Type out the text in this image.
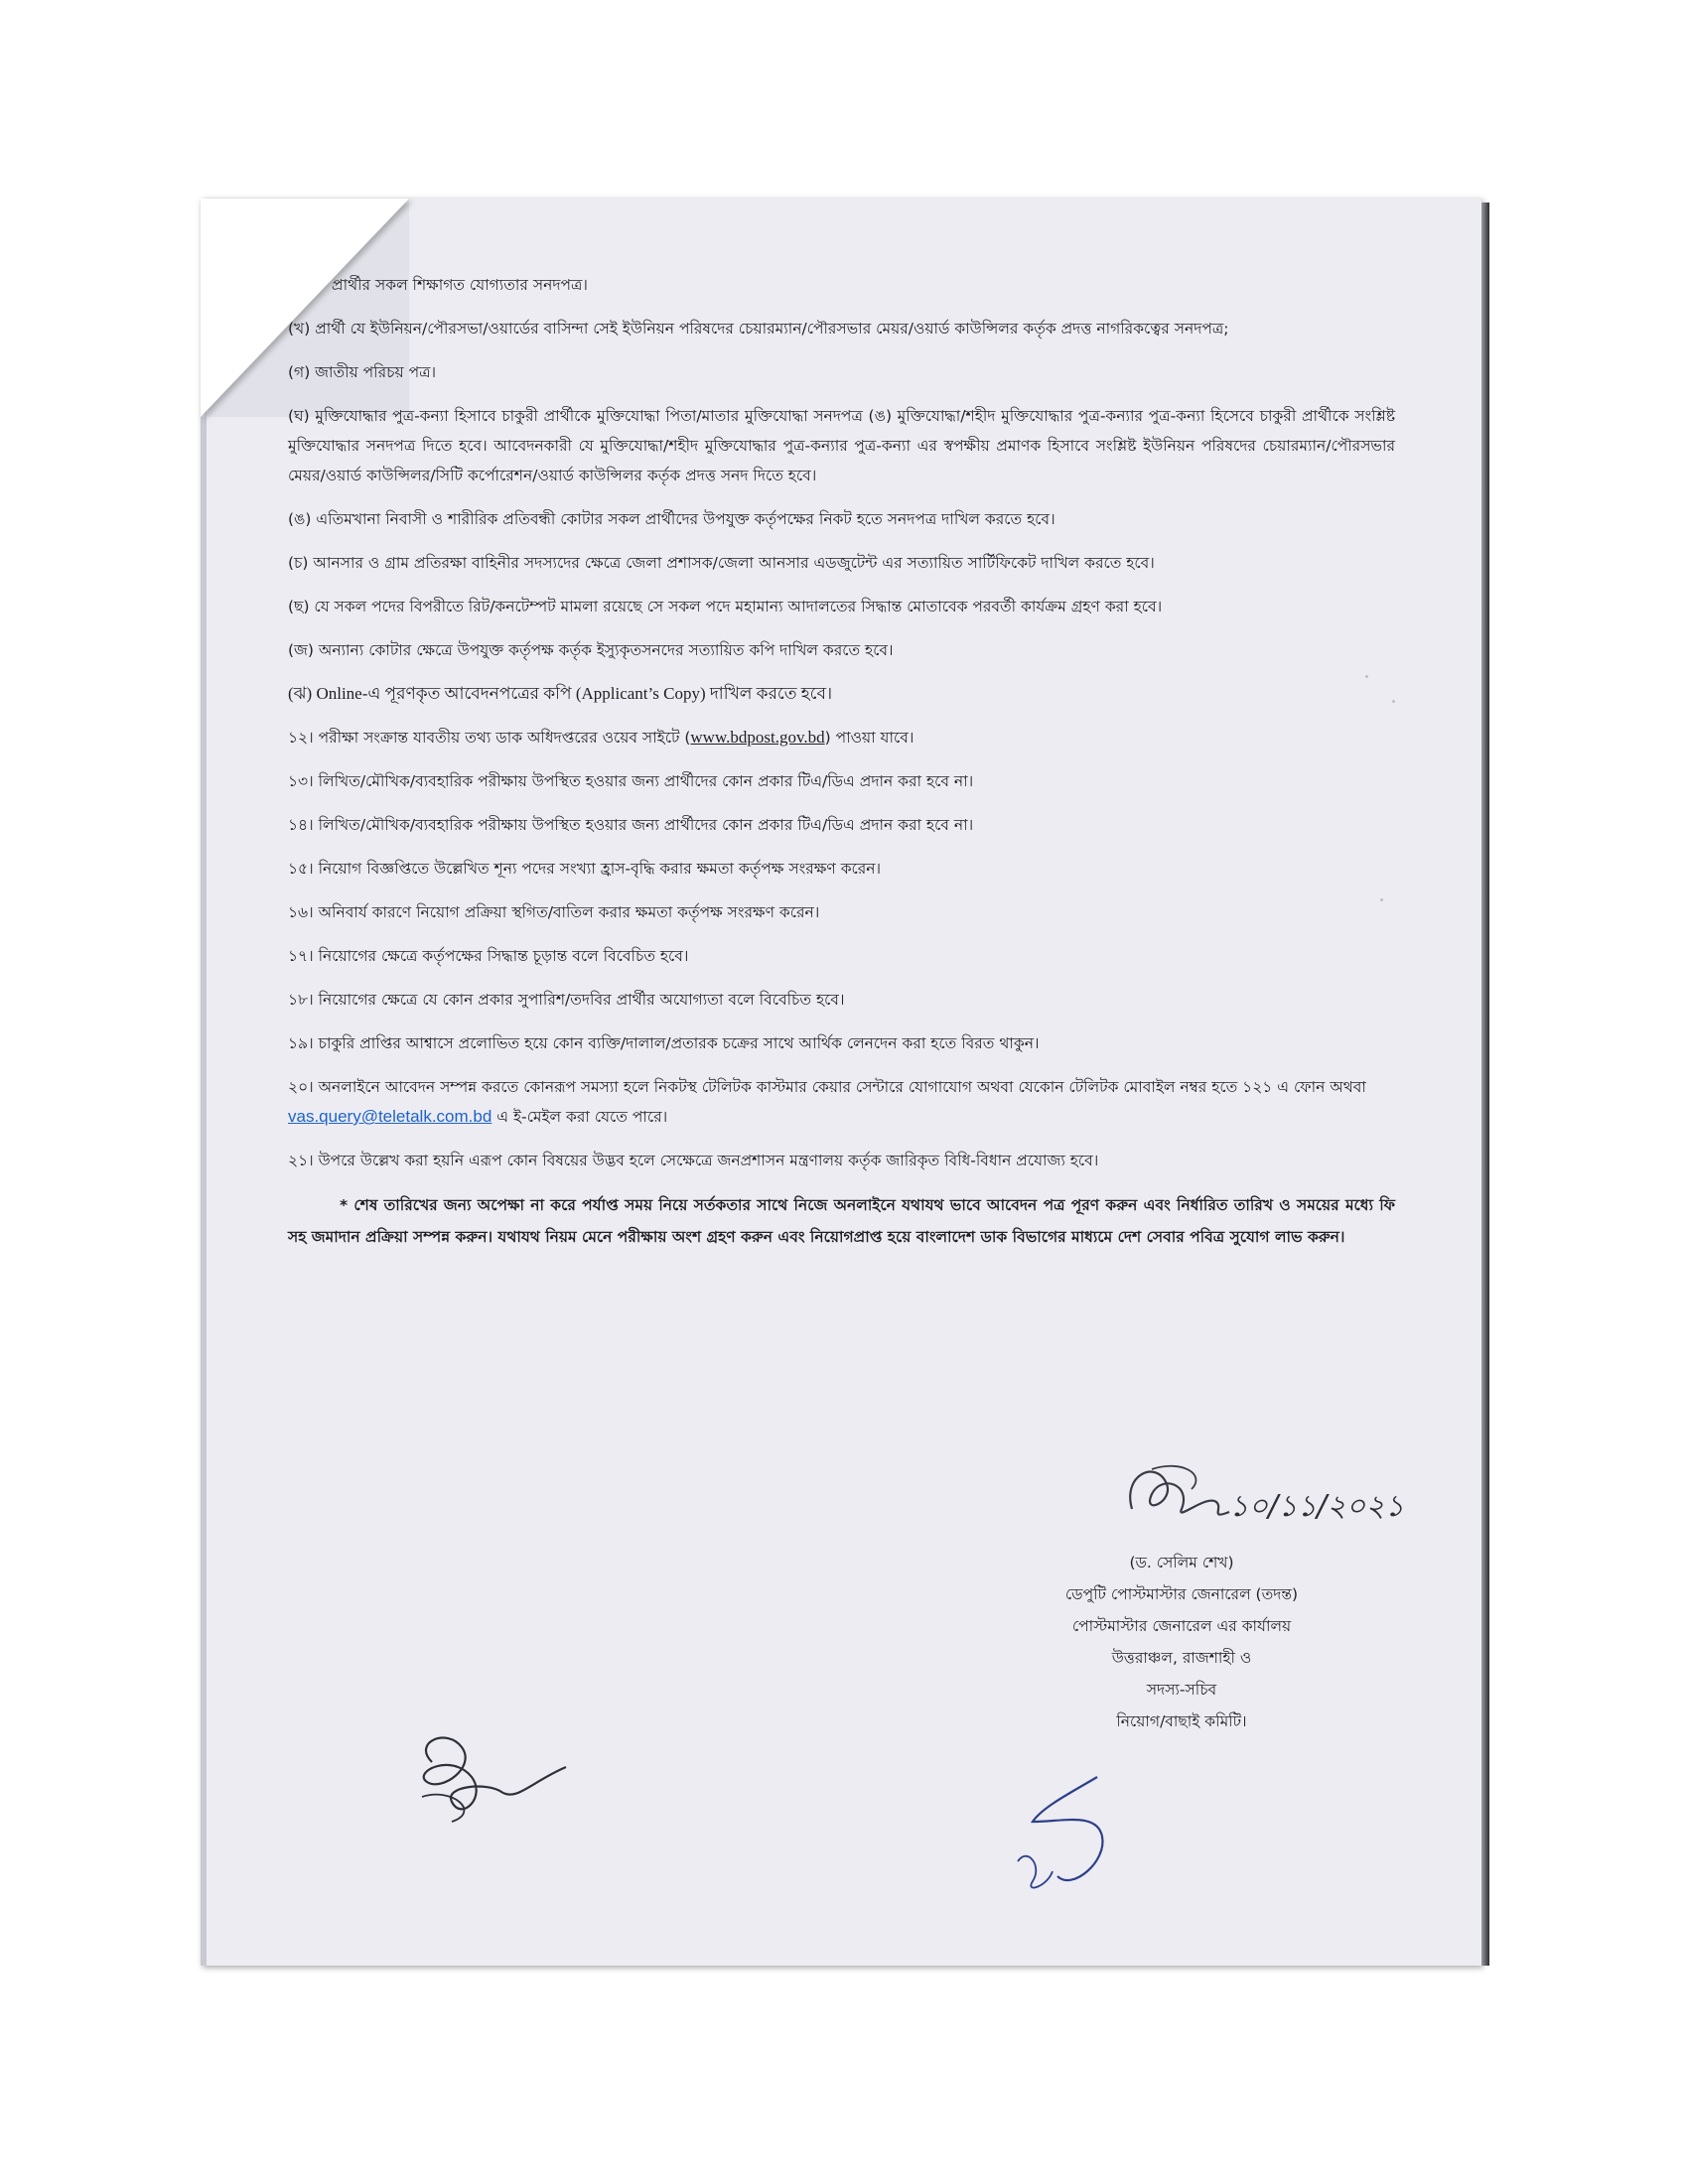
প্রার্থীর সকল শিক্ষাগত যোগ্যতার সনদপত্র।

(খ) প্রার্থী যে ইউনিয়ন/পৌরসভা/ওয়ার্ডের বাসিন্দা সেই ইউনিয়ন পরিষদের চেয়ারম্যান/পৌরসভার মেয়র/ওয়ার্ড কাউন্সিলর কর্তৃক প্রদত্ত নাগরিকত্বের সনদপত্র;

(গ) জাতীয় পরিচয় পত্র।

(ঘ) মুক্তিযোদ্ধার পুত্র-কন্যা হিসাবে চাকুরী প্রার্থীকে মুক্তিযোদ্ধা পিতা/মাতার মুক্তিযোদ্ধা সনদপত্র (ঙ) মুক্তিযোদ্ধা/শহীদ মুক্তিযোদ্ধার পুত্র-কন্যার পুত্র-কন্যা হিসেবে চাকুরী প্রার্থীকে সংশ্লিষ্ট মুক্তিযোদ্ধার সনদপত্র দিতে হবে। আবেদনকারী যে মুক্তিযোদ্ধা/শহীদ মুক্তিযোদ্ধার পুত্র-কন্যার পুত্র-কন্যা এর স্বপক্ষীয় প্রমাণক হিসাবে সংশ্লিষ্ট ইউনিয়ন পরিষদের চেয়ারম্যান/পৌরসভার মেয়র/ওয়ার্ড কাউন্সিলর/সিটি কর্পোরেশন/ওয়ার্ড কাউন্সিলর কর্তৃক প্রদত্ত সনদ দিতে হবে।

(ঙ) এতিমখানা নিবাসী ও শারীরিক প্রতিবন্ধী কোটার সকল প্রার্থীদের উপযুক্ত কর্তৃপক্ষের নিকট হতে সনদপত্র দাখিল করতে হবে।

(চ) আনসার ও গ্রাম প্রতিরক্ষা বাহিনীর সদস্যদের ক্ষেত্রে জেলা প্রশাসক/জেলা আনসার এডজুটেন্ট এর সত্যায়িত সার্টিফিকেট দাখিল করতে হবে।

(ছ) যে সকল পদের বিপরীতে রিট/কনটেম্পট মামলা রয়েছে সে সকল পদে মহামান্য আদালতের সিদ্ধান্ত মোতাবেক পরবর্তী কার্যক্রম গ্রহণ করা হবে।

(জ) অন্যান্য কোটার ক্ষেত্রে উপযুক্ত কর্তৃপক্ষ কর্তৃক ইস্যুকৃতসনদের সত্যায়িত কপি দাখিল করতে হবে।

(ঝ) Online-এ পূরণকৃত আবেদনপত্রের কপি (Applicant’s Copy) দাখিল করতে হবে।

১২। পরীক্ষা সংক্রান্ত যাবতীয় তথ্য ডাক অধিদপ্তরের ওয়েব সাইটে (www.bdpost.gov.bd) পাওয়া যাবে।

১৩। লিখিত/মৌখিক/ব্যবহারিক পরীক্ষায় উপস্থিত হওয়ার জন্য প্রার্থীদের কোন প্রকার টিএ/ডিএ প্রদান করা হবে না।

১৪। লিখিত/মৌখিক/ব্যবহারিক পরীক্ষায় উপস্থিত হওয়ার জন্য প্রার্থীদের কোন প্রকার টিএ/ডিএ প্রদান করা হবে না।

১৫। নিয়োগ বিজ্ঞপ্তিতে উল্লেখিত শূন্য পদের সংখ্যা হ্রাস-বৃদ্ধি করার ক্ষমতা কর্তৃপক্ষ সংরক্ষণ করেন।

১৬। অনিবার্য কারণে নিয়োগ প্রক্রিয়া স্থগিত/বাতিল করার ক্ষমতা কর্তৃপক্ষ সংরক্ষণ করেন।

১৭। নিয়োগের ক্ষেত্রে কর্তৃপক্ষের সিদ্ধান্ত চূড়ান্ত বলে বিবেচিত হবে।

১৮। নিয়োগের ক্ষেত্রে যে কোন প্রকার সুপারিশ/তদবির প্রার্থীর অযোগ্যতা বলে বিবেচিত হবে।

১৯। চাকুরি প্রাপ্তির আশ্বাসে প্রলোভিত হয়ে কোন ব্যক্তি/দালাল/প্রতারক চক্রের সাথে আর্থিক লেনদেন করা হতে বিরত থাকুন।

২০। অনলাইনে আবেদন সম্পন্ন করতে কোনরূপ সমস্যা হলে নিকটস্থ টেলিটক কাস্টমার কেয়ার সেন্টারে যোগাযোগ অথবা যেকোন টেলিটক মোবাইল নম্বর হতে ১২১ এ ফোন অথবা vas.query@teletalk.com.bd এ ই-মেইল করা যেতে পারে।

২১। উপরে উল্লেখ করা হয়নি এরূপ কোন বিষয়ের উদ্ভব হলে সেক্ষেত্রে জনপ্রশাসন মন্ত্রণালয় কর্তৃক জারিকৃত বিধি-বিধান প্রযোজ্য হবে।

* শেষ তারিখের জন্য অপেক্ষা না করে পর্যাপ্ত সময় নিয়ে সর্তকতার সাথে নিজে অনলাইনে যথাযথ ভাবে আবেদন পত্র পূরণ করুন এবং নির্ধারিত তারিখ ও সময়ের মধ্যে ফি সহ জমাদান প্রক্রিয়া সম্পন্ন করুন। যথাযথ নিয়ম মেনে পরীক্ষায় অংশ গ্রহণ করুন এবং নিয়োগপ্রাপ্ত হয়ে বাংলাদেশ ডাক বিভাগের মাধ্যমে দেশ সেবার পবিত্র সুযোগ লাভ করুন।

১০/১১/২০২১
(ড. সেলিম শেখ)
ডেপুটি পোস্টমাস্টার জেনারেল (তদন্ত)
পোস্টমাস্টার জেনারেল এর কার্যালয়
উত্তরাঞ্চল, রাজশাহী ও
সদস্য-সচিব
নিয়োগ/বাছাই কমিটি।
